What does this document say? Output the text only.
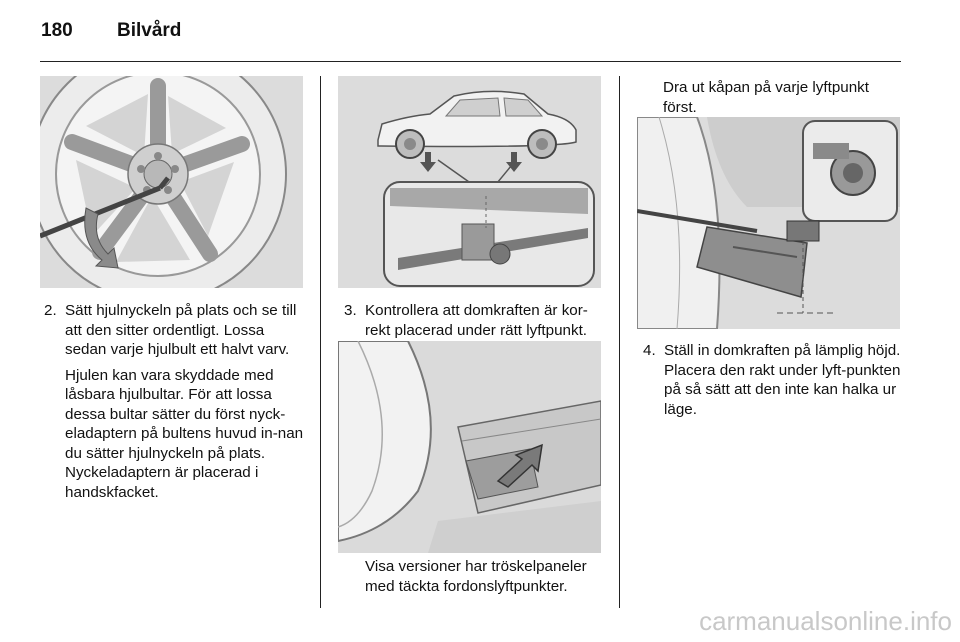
180 Bilvård
2. Sätt hjulnyckeln på plats och se till att den sitter ordentligt. Lossa sedan varje hjulbult ett halvt varv.

Hjulen kan vara skyddade med låsbara hjulbultar. För att lossa dessa bultar sätter du först nyck-eladaptern på bultens huvud in-nan du sätter hjulnyckeln på plats. Nyckeladaptern är placerad i handskfacket.

3. Kontrollera att domkraften är kor-rekt placerad under rätt lyftpunkt.

Visa versioner har tröskelpaneler med täckta fordonslyftpunkter.

Dra ut kåpan på varje lyftpunkt först.

4. Ställ in domkraften på lämplig höjd. Placera den rakt under lyft-punkten på så sätt att den inte kan halka ur läge.
carmanualsonline.info
